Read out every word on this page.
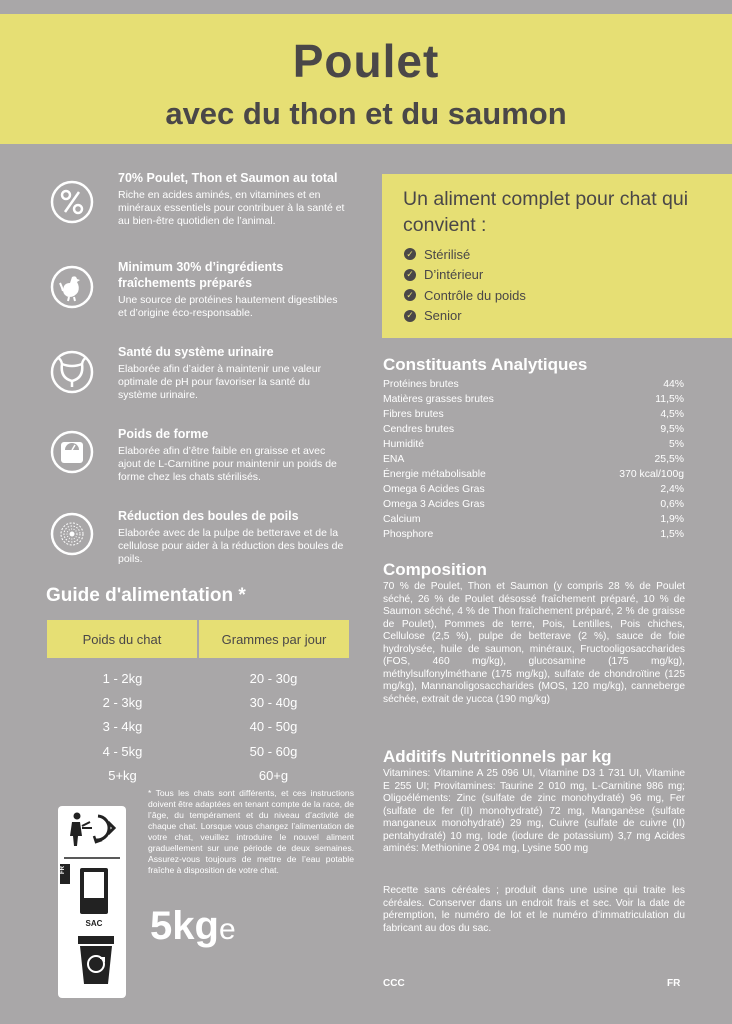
Poulet
avec du thon et du saumon
70% Poulet, Thon et Saumon au total
Riche en acides aminés, en vitamines et en minéraux essentiels pour contribuer à la santé et au bien-être quotidien de l’animal.
Minimum 30% d’ingrédients fraîchements préparés
Une source de protéines hautement digestibles et d’origine éco-responsable.
Santé du système urinaire
Elaborée afin d’aider à maintenir une valeur optimale de pH pour favoriser la santé du système urinaire.
Poids de forme
Elaborée afin d’être faible en graisse et avec ajout de L-Carnitine pour maintenir un poids de forme chez les chats stérilisés.
Réduction des boules de poils
Elaborée avec de la pulpe de betterave et de la cellulose pour aider à la réduction des boules de poils.
Guide d'alimentation *
Poids du chat	Grammes par jour
1 - 2kg	20 - 30g
2 - 3kg	30 - 40g
3 - 4kg	40 - 50g
4 - 5kg	50 - 60g
5+kg	60+g
* Tous les chats sont différents, et ces instructions doivent être adaptées en tenant compte de la race, de l’âge, du tempérament et du niveau d’activité de chaque chat. Lorsque vous changez l’alimentation de votre chat, veuillez introduire le nouvel aliment graduellement sur une période de deux semaines. Assurez-vous toujours de mettre de l’eau potable fraîche à disposition de votre chat.
5kge
SAC
FR
Un aliment complet pour chat qui convient :
✓ Stérilisé
✓ D’intérieur
✓ Contrôle du poids
✓ Senior
Constituants Analytiques
Protéines brutes	44%
Matières grasses brutes	11,5%
Fibres brutes	4,5%
Cendres brutes	9,5%
Humidité	5%
ENA	25,5%
Énergie métabolisable	370 kcal/100g
Omega 6 Acides Gras	2,4%
Omega 3 Acides Gras	0,6%
Calcium	1,9%
Phosphore	1,5%
Composition
70 % de Poulet, Thon et Saumon (y compris 28 % de Poulet séché, 26 % de Poulet désossé fraîchement préparé, 10 % de Saumon séché, 4 % de Thon fraîchement préparé, 2 % de graisse de Poulet), Pommes de terre, Pois, Lentilles, Pois chiches, Cellulose (2,5 %), pulpe de betterave (2 %), sauce de foie hydrolysée, huile de saumon, minéraux, Fructooligosaccharides (FOS, 460 mg/kg), glucosamine (175 mg/kg), méthylsulfonylméthane (175 mg/kg), sulfate de chondroïtine (125 mg/kg), Mannanoligosaccharides (MOS, 120 mg/kg), canneberge séchée, extrait de yucca (190 mg/kg)
Additifs Nutritionnels par kg
Vitamines: Vitamine A 25 096 UI, Vitamine D3 1 731 UI, Vitamine E 255 UI; Provitamines: Taurine 2 010 mg, L-Carnitine 986 mg; Oligoéléments: Zinc (sulfate de zinc monohydraté) 96 mg, Fer (sulfate de fer (II) monohydraté) 72 mg, Manganèse (sulfate manganeux monohydraté) 29 mg, Cuivre (sulfate de cuivre (II) pentahydraté) 10 mg, Iode (iodure de potassium) 3,7 mg Acides aminés: Methionine 2 094 mg, Lysine 500 mg
Recette sans céréales ; produit dans une usine qui traite les céréales. Conserver dans un endroit frais et sec. Voir la date de péremption, le numéro de lot et le numéro d’immatriculation du fabricant au dos du sac.
CCC	FR
